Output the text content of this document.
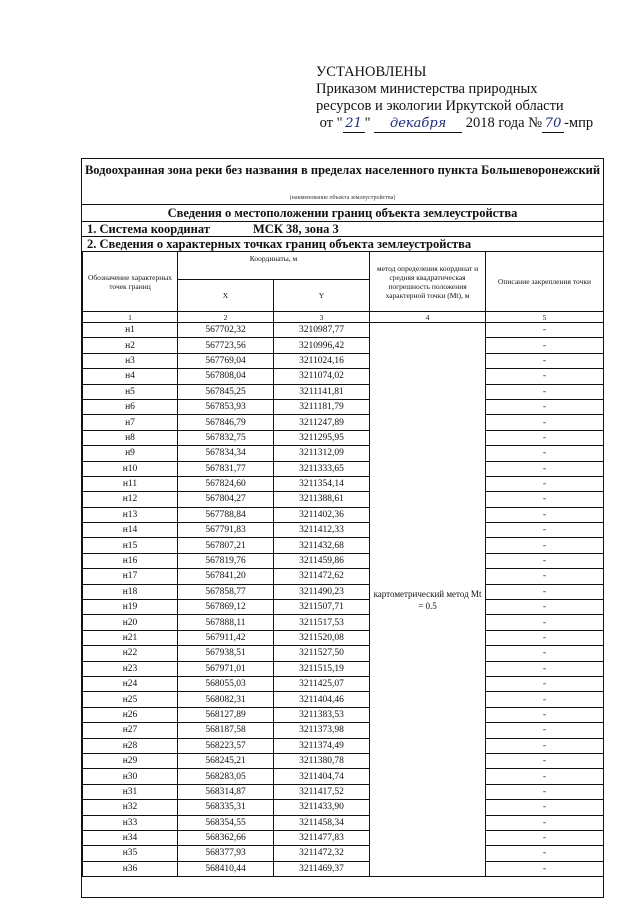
УСТАНОВЛЕНЫ
Приказом министерства природных
ресурсов и экологии Иркутской области
от " 21 " декабря 2018 года № 70 -мпр
Водоохранная зона реки без названия в пределах населенного пункта Большеворонежский
(наименование объекта землеустройства)
Сведения о местоположении границ объекта землеустройства
1. Система координат	МСК 38, зона 3
2. Сведения о характерных точках границ объекта землеустройства
Обозначение характерных точек границ	Координаты, м		метод определения координат и средняя квадратическая погрешность положения характерной точки (Mt), м	Описание закрепления точки
	X	Y		
1	2	3	4	5
н1	567702,32	3210987,77	картометрический метод Mt = 0.5	-
н2	567723,56	3210996,42		-
н3	567769,04	3211024,16		-
н4	567808,04	3211074,02		-
н5	567845,25	3211141,81		-
н6	567853,93	3211181,79		-
н7	567846,79	3211247,89		-
н8	567832,75	3211295,95		-
н9	567834,34	3211312,09		-
н10	567831,77	3211333,65		-
н11	567824,60	3211354,14		-
н12	567804,27	3211388,61		-
н13	567788,84	3211402,36		-
н14	567791,83	3211412,33		-
н15	567807,21	3211432,68		-
н16	567819,76	3211459,86		-
н17	567841,20	3211472,62		-
н18	567858,77	3211490,23		-
н19	567869,12	3211507,71		-
н20	567888,11	3211517,53		-
н21	567911,42	3211520,08		-
н22	567938,51	3211527,50		-
н23	567971,01	3211515,19		-
н24	568055,03	3211425,07		-
н25	568082,31	3211404,46		-
н26	568127,89	3211383,53		-
н27	568187,58	3211373,98		-
н28	568223,57	3211374,49		-
н29	568245,21	3211380,78		-
н30	568283,05	3211404,74		-
н31	568314,87	3211417,52		-
н32	568335,31	3211433,90		-
н33	568354,55	3211458,34		-
н34	568362,66	3211477,83		-
н35	568377,93	3211472,32		-
н36	568410,44	3211469,37		-
